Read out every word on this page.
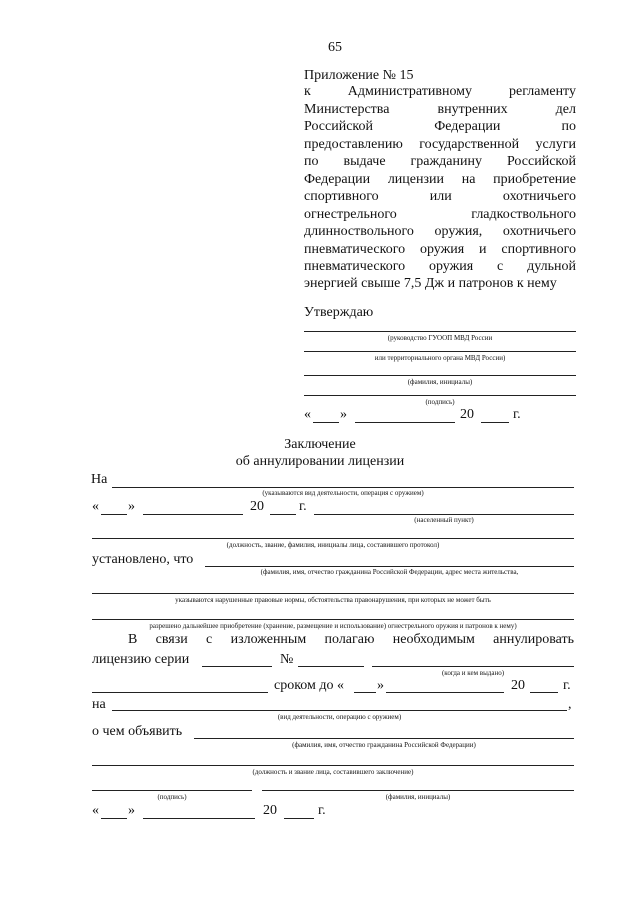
65
Приложение № 15
к Административному регламенту
Министерства внутренних дел
Российской Федерации по
предоставлению государственной услуги
по выдаче гражданину Российской
Федерации лицензии на приобретение
спортивного или охотничьего
огнестрельного гладкоствольного
длинноствольного оружия, охотничьего
пневматического оружия и спортивного
пневматического оружия с дульной
энергией свыше 7,5 Дж и патронов к нему
Утверждаю
(руководство ГУООП МВД России
или территориального органа МВД России)
(фамилия, инициалы)
(подпись)
« »	20	г.
Заключение
об аннулировании лицензии
На
(указываются вид деятельности, операция с оружием)
« »	20	г.
(населенный пункт)
(должность, звание, фамилия, инициалы лица, составившего протокол)
установлено, что
(фамилия, имя, отчество гражданина Российской Федерации, адрес места жительства,
указываются нарушенные правовые нормы, обстоятельства правонарушения, при которых не может быть
разрешено дальнейшее приобретение (хранение, размещение и использование) огнестрельного оружия и патронов к нему)
В связи с изложенным полагаю необходимым аннулировать
лицензию серии	№
(когда и кем выдано)
сроком до « »	20	г.
на	,
(вид деятельности, операцию с оружием)
о чем объявить
(фамилия, имя, отчество гражданина Российской Федерации)
(должность и звание лица, составившего заключение)
(подпись)	(фамилия, инициалы)
« »	20	г.
